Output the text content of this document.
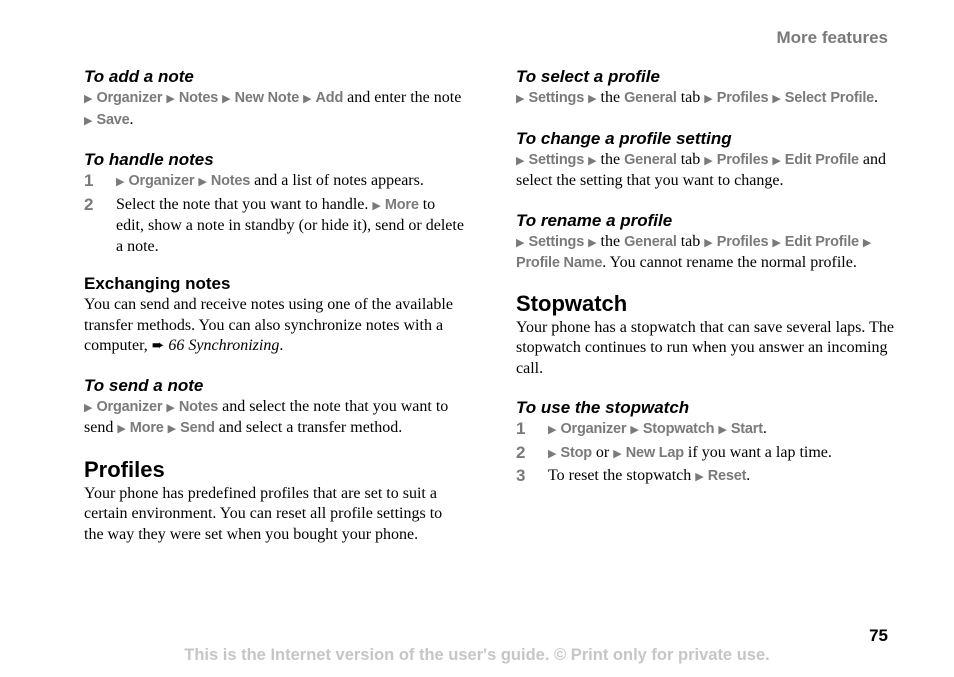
More features
To add a note

▶ Organizer ▶ Notes ▶ New Note ▶ Add and enter the note ▶ Save.

To handle notes
1 ▶ Organizer ▶ Notes and a list of notes appears.
2 Select the note that you want to handle. ▶ More to edit, show a note in standby (or hide it), send or delete a note.
Exchanging notes

You can send and receive notes using one of the available transfer methods. You can also synchronize notes with a computer, ➨ 66 Synchronizing.

To send a note

▶ Organizer ▶ Notes and select the note that you want to send ▶ More ▶ Send and select a transfer method.

Profiles

Your phone has predefined profiles that are set to suit a certain environment. You can reset all profile settings to the way they were set when you bought your phone.

To select a profile

▶ Settings ▶ the General tab ▶ Profiles ▶ Select Profile.

To change a profile setting

▶ Settings ▶ the General tab ▶ Profiles ▶ Edit Profile and select the setting that you want to change.

To rename a profile

▶ Settings ▶ the General tab ▶ Profiles ▶ Edit Profile ▶ Profile Name. You cannot rename the normal profile.

Stopwatch

Your phone has a stopwatch that can save several laps. The stopwatch continues to run when you answer an incoming call.

To use the stopwatch
1 ▶ Organizer ▶ Stopwatch ▶ Start.
2 ▶ Stop or ▶ New Lap if you want a lap time.
3 To reset the stopwatch ▶ Reset.
75
This is the Internet version of the user's guide. © Print only for private use.
